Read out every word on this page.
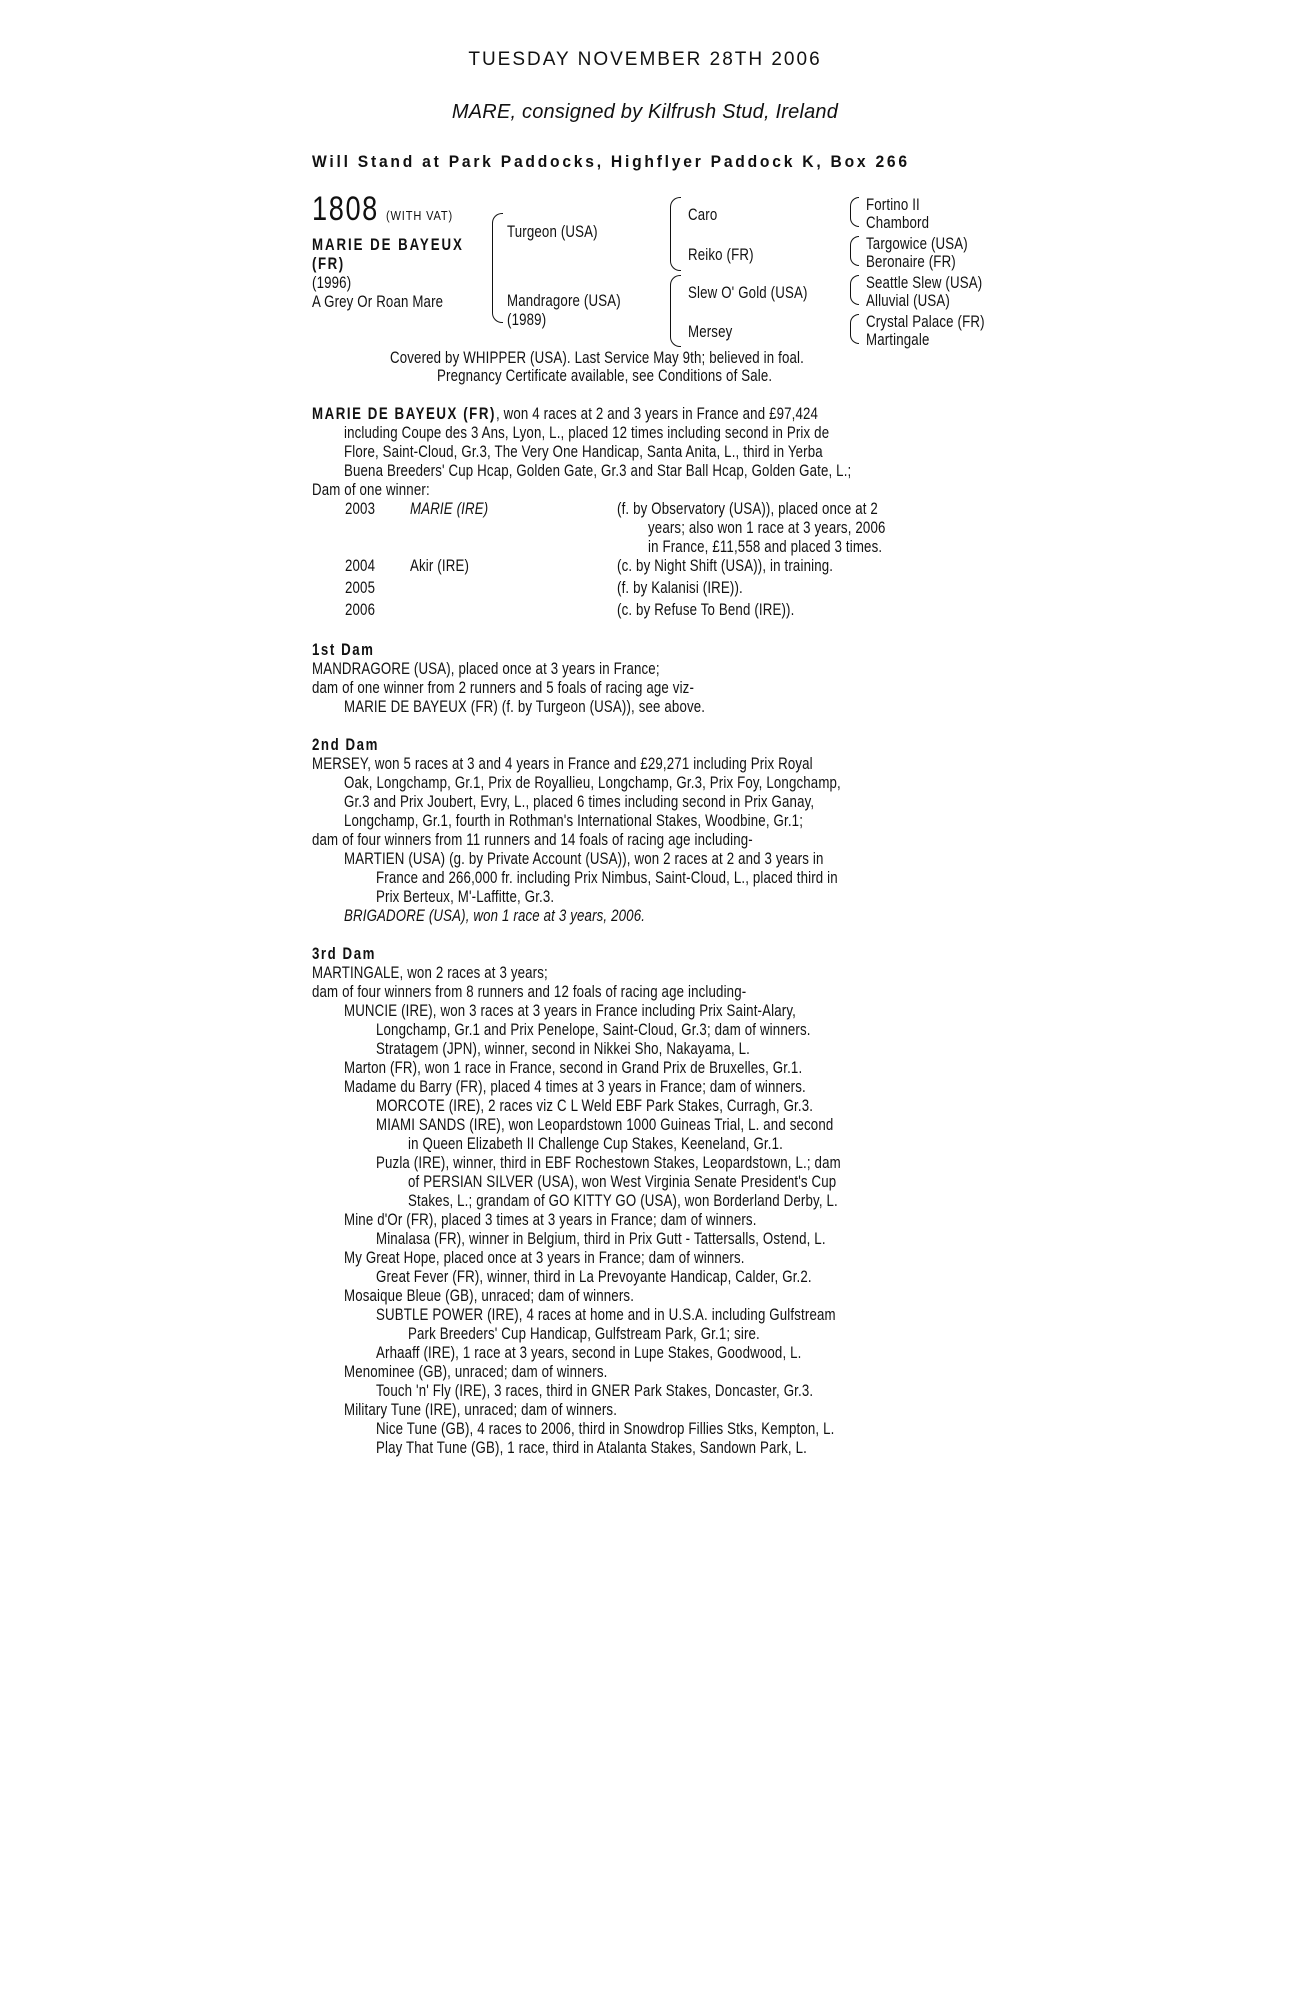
TUESDAY NOVEMBER 28TH 2006
MARE, consigned by Kilfrush Stud, Ireland
Will Stand at Park Paddocks, Highflyer Paddock K, Box 266
1808 (WITH VAT)
MARIE DE BAYEUX
(FR)
(1996)
A Grey Or Roan Mare
Turgeon (USA)
Mandragore (USA)
(1989)
Caro
Reiko (FR)
Slew O' Gold (USA)
Mersey
Fortino II
Chambord
Targowice (USA)
Beronaire (FR)
Seattle Slew (USA)
Alluvial (USA)
Crystal Palace (FR)
Martingale
Covered by WHIPPER (USA). Last Service May 9th; believed in foal.
Pregnancy Certificate available, see Conditions of Sale.
MARIE DE BAYEUX (FR), won 4 races at 2 and 3 years in France and £97,424
including Coupe des 3 Ans, Lyon, L., placed 12 times including second in Prix de
Flore, Saint-Cloud, Gr.3, The Very One Handicap, Santa Anita, L., third in Yerba
Buena Breeders' Cup Hcap, Golden Gate, Gr.3 and Star Ball Hcap, Golden Gate, L.;
Dam of one winner:
2003 MARIE (IRE)	(f. by Observatory (USA)), placed once at 2
years; also won 1 race at 3 years, 2006
in France, £11,558 and placed 3 times.
2004 Akir (IRE)	(c. by Night Shift (USA)), in training.
2005	(f. by Kalanisi (IRE)).
2006	(c. by Refuse To Bend (IRE)).
1st Dam
MANDRAGORE (USA), placed once at 3 years in France;
dam of one winner from 2 runners and 5 foals of racing age viz-
MARIE DE BAYEUX (FR) (f. by Turgeon (USA)), see above.
2nd Dam
MERSEY, won 5 races at 3 and 4 years in France and £29,271 including Prix Royal
Oak, Longchamp, Gr.1, Prix de Royallieu, Longchamp, Gr.3, Prix Foy, Longchamp,
Gr.3 and Prix Joubert, Evry, L., placed 6 times including second in Prix Ganay,
Longchamp, Gr.1, fourth in Rothman's International Stakes, Woodbine, Gr.1;
dam of four winners from 11 runners and 14 foals of racing age including-
MARTIEN (USA) (g. by Private Account (USA)), won 2 races at 2 and 3 years in
France and 266,000 fr. including Prix Nimbus, Saint-Cloud, L., placed third in
Prix Berteux, M'-Laffitte, Gr.3.
BRIGADORE (USA), won 1 race at 3 years, 2006.
3rd Dam
MARTINGALE, won 2 races at 3 years;
dam of four winners from 8 runners and 12 foals of racing age including-
MUNCIE (IRE), won 3 races at 3 years in France including Prix Saint-Alary,
Longchamp, Gr.1 and Prix Penelope, Saint-Cloud, Gr.3; dam of winners.
Stratagem (JPN), winner, second in Nikkei Sho, Nakayama, L.
Marton (FR), won 1 race in France, second in Grand Prix de Bruxelles, Gr.1.
Madame du Barry (FR), placed 4 times at 3 years in France; dam of winners.
MORCOTE (IRE), 2 races viz C L Weld EBF Park Stakes, Curragh, Gr.3.
MIAMI SANDS (IRE), won Leopardstown 1000 Guineas Trial, L. and second
in Queen Elizabeth II Challenge Cup Stakes, Keeneland, Gr.1.
Puzla (IRE), winner, third in EBF Rochestown Stakes, Leopardstown, L.; dam
of PERSIAN SILVER (USA), won West Virginia Senate President's Cup
Stakes, L.; grandam of GO KITTY GO (USA), won Borderland Derby, L.
Mine d'Or (FR), placed 3 times at 3 years in France; dam of winners.
Minalasa (FR), winner in Belgium, third in Prix Gutt - Tattersalls, Ostend, L.
My Great Hope, placed once at 3 years in France; dam of winners.
Great Fever (FR), winner, third in La Prevoyante Handicap, Calder, Gr.2.
Mosaique Bleue (GB), unraced; dam of winners.
SUBTLE POWER (IRE), 4 races at home and in U.S.A. including Gulfstream
Park Breeders' Cup Handicap, Gulfstream Park, Gr.1; sire.
Arhaaff (IRE), 1 race at 3 years, second in Lupe Stakes, Goodwood, L.
Menominee (GB), unraced; dam of winners.
Touch 'n' Fly (IRE), 3 races, third in GNER Park Stakes, Doncaster, Gr.3.
Military Tune (IRE), unraced; dam of winners.
Nice Tune (GB), 4 races to 2006, third in Snowdrop Fillies Stks, Kempton, L.
Play That Tune (GB), 1 race, third in Atalanta Stakes, Sandown Park, L.
